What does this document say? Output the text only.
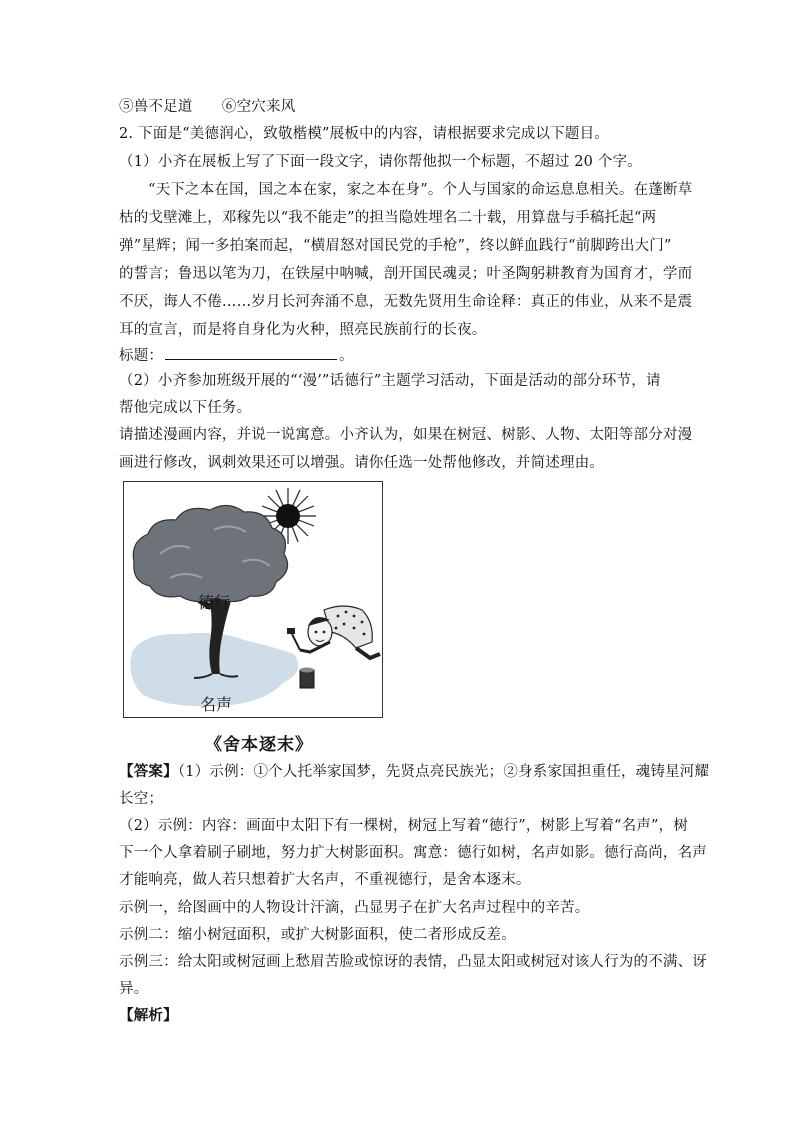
⑤兽不足道　　⑥空穴来风
2. 下面是“美德润心，致敬楷模”展板中的内容，请根据要求完成以下题目。
（1）小齐在展板上写了下面一段文字，请你帮他拟一个标题，不超过 20 个字。
“天下之本在国，国之本在家，家之本在身”。个人与国家的命运息息相关。在蓬断草
枯的戈壁滩上，邓稼先以“我不能走”的担当隐姓埋名二十载，用算盘与手稿托起“两
弹”星辉；闻一多拍案而起，“横眉怒对国民党的手枪”，终以鲜血践行“前脚跨出大门”
的誓言；鲁迅以笔为刀，在铁屋中呐喊，剖开国民魂灵；叶圣陶躬耕教育为国育才，学而
不厌，诲人不倦……岁月长河奔涌不息，无数先贤用生命诠释：真正的伟业，从来不是震
耳的宣言，而是将自身化为火种，照亮民族前行的长夜。
标题：	。
（2）小齐参加班级开展的“‘漫’”话德行”主题学习活动，下面是活动的部分环节，请
帮他完成以下任务。
请描述漫画内容，并说一说寓意。小齐认为，如果在树冠、树影、人物、太阳等部分对漫
画进行修改，讽刺效果还可以增强。请你任选一处帮他修改，并简述理由。
德行
名声
《舍本逐末》
【答案】（1）示例：①个人托举家国梦，先贤点亮民族光；②身系家国担重任，魂铸星河耀
长空；
（2）示例：内容：画面中太阳下有一棵树，树冠上写着“德行”，树影上写着“名声”，树
下一个人拿着刷子刷地，努力扩大树影面积。寓意：德行如树，名声如影。德行高尚，名声
才能响亮，做人若只想着扩大名声，不重视德行，是舍本逐末。
示例一，给图画中的人物设计汗滴，凸显男子在扩大名声过程中的辛苦。
示例二：缩小树冠面积，或扩大树影面积，使二者形成反差。
示例三：给太阳或树冠画上愁眉苦脸或惊讶的表情，凸显太阳或树冠对该人行为的不满、讶
异。
【解析】
